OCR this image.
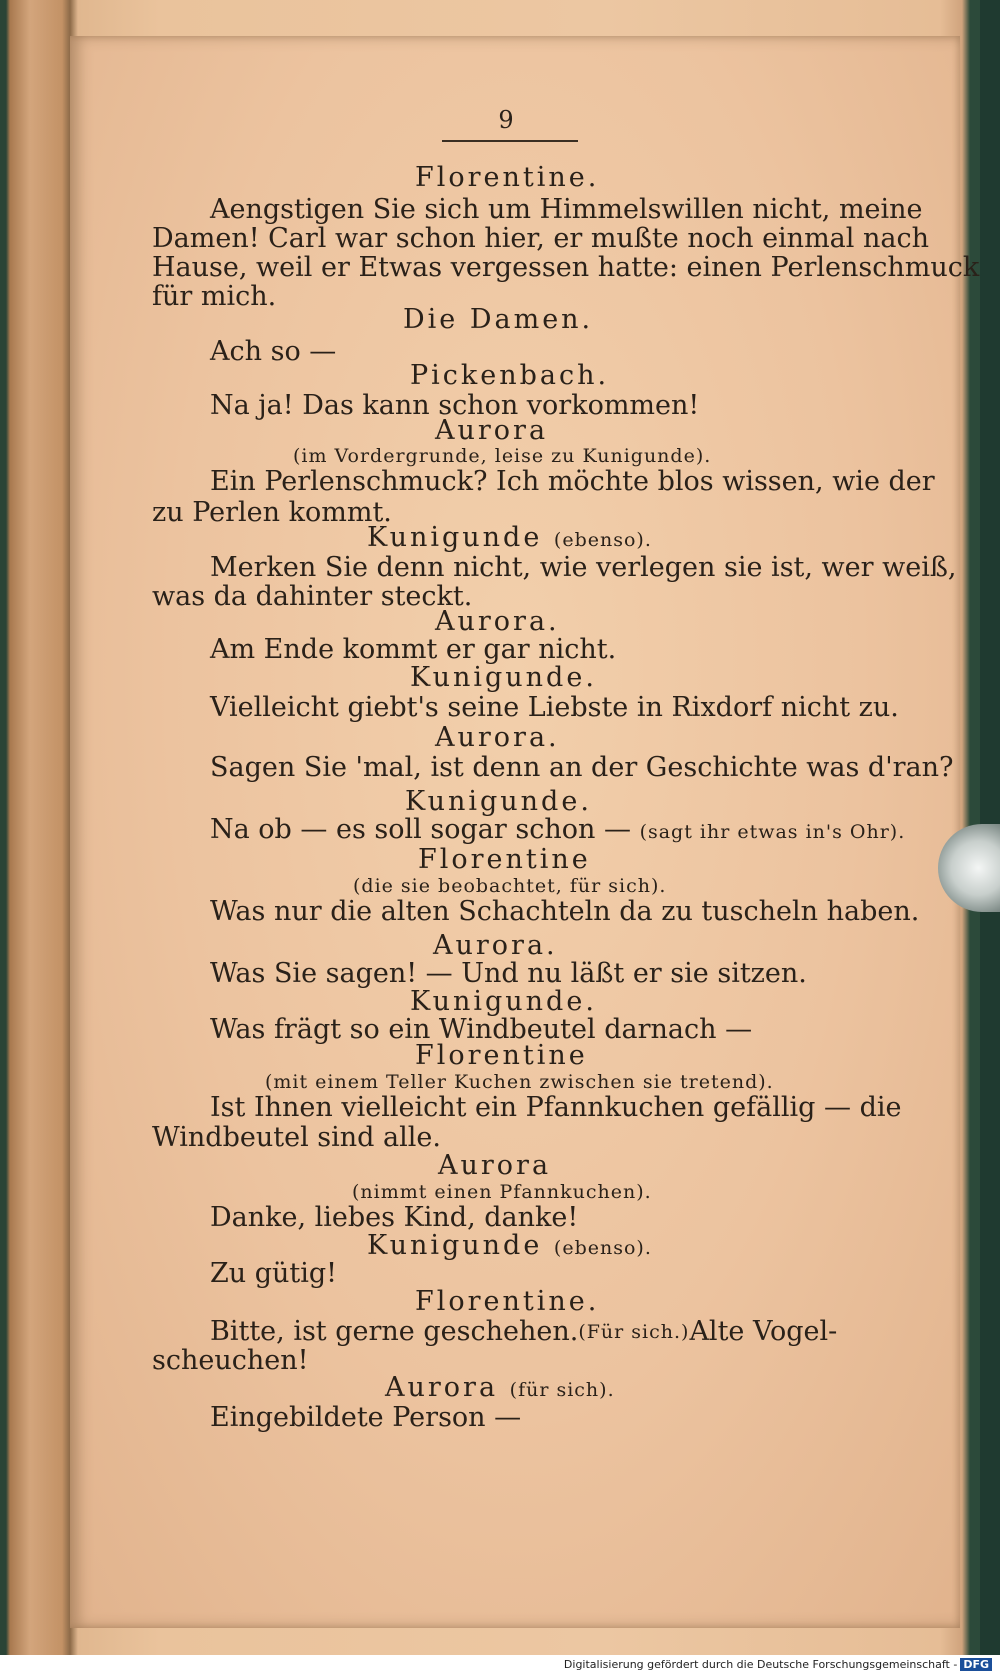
9
Florentine.
Aengstigen Sie sich um Himmelswillen nicht, meine
Damen! Carl war schon hier, er mußte noch einmal nach
Hause, weil er Etwas vergessen hatte: einen Perlenschmuck
für mich.
Die Damen.
Ach so —
Pickenbach.
Na ja! Das kann schon vorkommen!
Aurora
(im Vordergrunde, leise zu Kunigunde).
Ein Perlenschmuck? Ich möchte blos wissen, wie der
zu Perlen kommt.
Kunigunde (ebenso).
Merken Sie denn nicht, wie verlegen sie ist, wer weiß,
was da dahinter steckt.
Aurora.
Am Ende kommt er gar nicht.
Kunigunde.
Vielleicht giebt's seine Liebste in Rixdorf nicht zu.
Aurora.
Sagen Sie 'mal, ist denn an der Geschichte was d'ran?
Kunigunde.
Na ob — es soll sogar schon — (sagt ihr etwas in's Ohr).
Florentine
(die sie beobachtet, für sich).
Was nur die alten Schachteln da zu tuscheln haben.
Aurora.
Was Sie sagen! — Und nu läßt er sie sitzen.
Kunigunde.
Was frägt so ein Windbeutel darnach —
Florentine
(mit einem Teller Kuchen zwischen sie tretend).
Ist Ihnen vielleicht ein Pfannkuchen gefällig — die
Windbeutel sind alle.
Aurora
(nimmt einen Pfannkuchen).
Danke, liebes Kind, danke!
Kunigunde (ebenso).
Zu gütig!
Florentine.
Bitte, ist gerne geschehen. (Für sich.) Alte Vogel-
scheuchen!
Aurora (für sich).
Eingebildete Person —
Digitalisierung gefördert durch die Deutsche Forschungsgemeinschaft - DFG
